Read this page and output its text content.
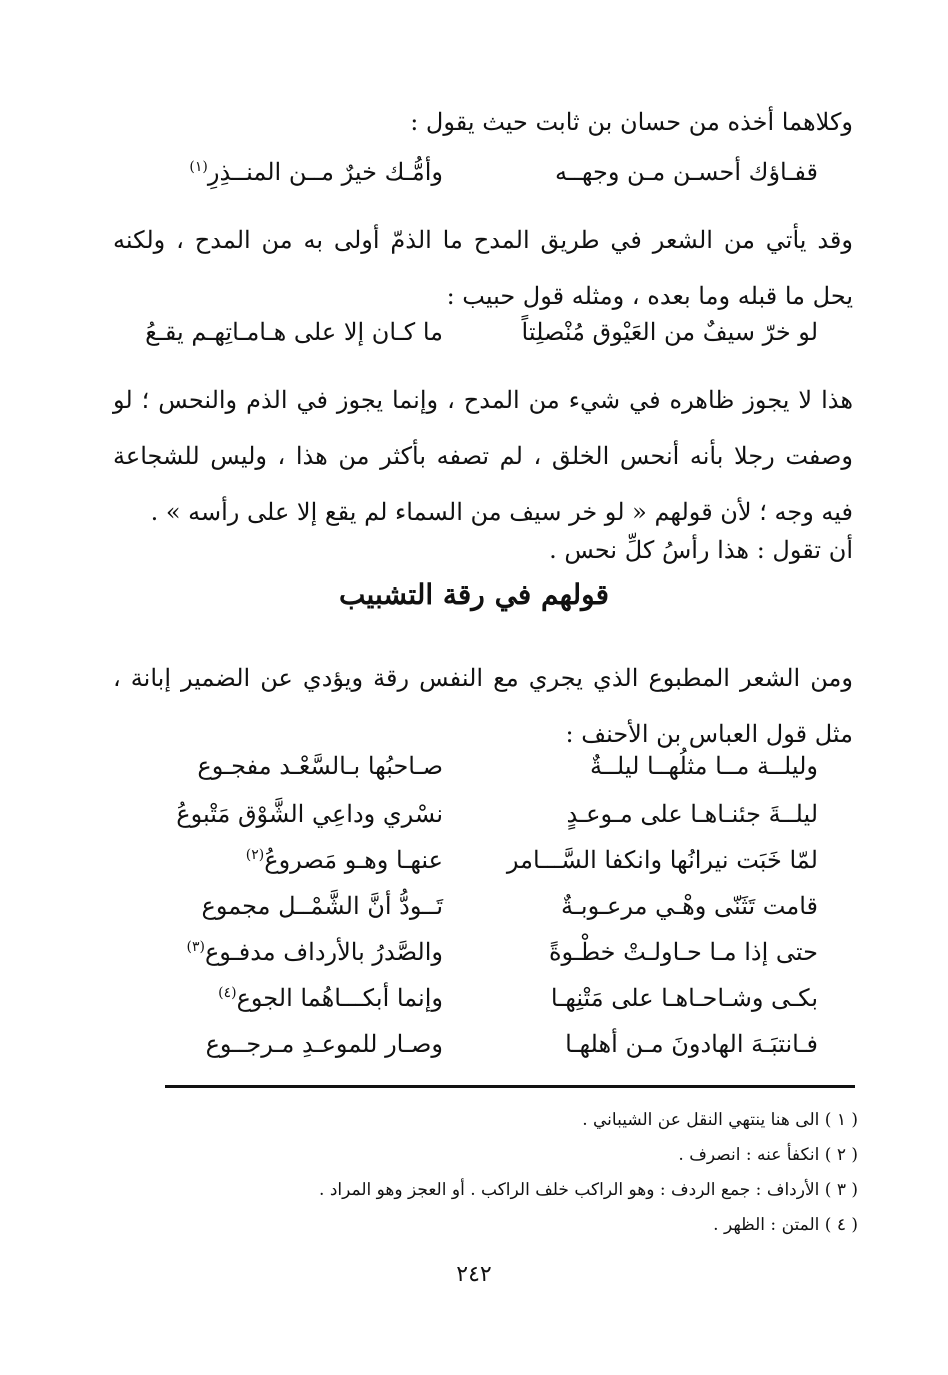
وكلاهما أخذه من حسان بن ثابت حيث يقول :
قفـاؤك أحسـن مـن وجهــه
وأمُّـك خيرٌ مــن المنــذِرِ$^{(١)}$
وقد يأتي من الشعر في طريق المدح ما الذمّ أولى به من المدح ، ولكنه يحل ما قبله وما بعده ، ومثله قول حبيب :
لو خرّ سيفٌ من العَيْوق مُنْصلِتاً
ما كـان إلا على هـامـاتِهـم يقـعُ
هذا لا يجوز ظاهره في شيء من المدح ، وإنما يجوز في الذم والنحس ؛ لو وصفت رجلا بأنه أنحس الخلق ، لم تصفه بأكثر من هذا ، وليس للشجاعة فيه وجه ؛ لأن قولهم « لو خر سيف من السماء لم يقع إلا على رأسه » .
أن تقول : هذا رأسُ كلِّ نحس .
قولهم في رقة التشبيب
ومن الشعر المطبوع الذي يجري مع النفس رقة ويؤدي عن الضمير إبانة ، مثل قول العباس بن الأحنف :
وليلــة مــا مثلُهــا ليلــةٌ
صـاحبُها بـالسَّعْـد مفجـوع
ليلــةَ جئنـاهـا على مـوعـدٍ
نسْري وداعِي الشَّوْق مَتْبوعُ
لمّا خَبَت نيرانُها وانكفا السَّـــامر
عنهـا وهـو مَصروعُ$^{(٢)}$
قامت تَثَنّى وهْـي مرعـوبـةٌ
تَــودُّ أنَّ الشَّمْــل مجموع
حتى إذا مـا حـاولـتْ خطْـوةً
والصَّدرُ بالأرداف مدفـوع$^{(٣)}$
بكـى وشـاحـاهـا على مَتْنِهـا
وإنما أبكـــاهُما الجوع$^{(٤)}$
فـانتبَـهَ الهادونَ مـن أهلهـا
وصـار للموعـدِ مـرجــوع
( ١ ) الى هنا ينتهي النقل عن الشيباني .
( ٢ ) انكفأ عنه : انصرف .
( ٣ ) الأرداف : جمع الردف : وهو الراكب خلف الراكب . أو العجز وهو المراد .
( ٤ ) المتن : الظهر .
٢٤٢
